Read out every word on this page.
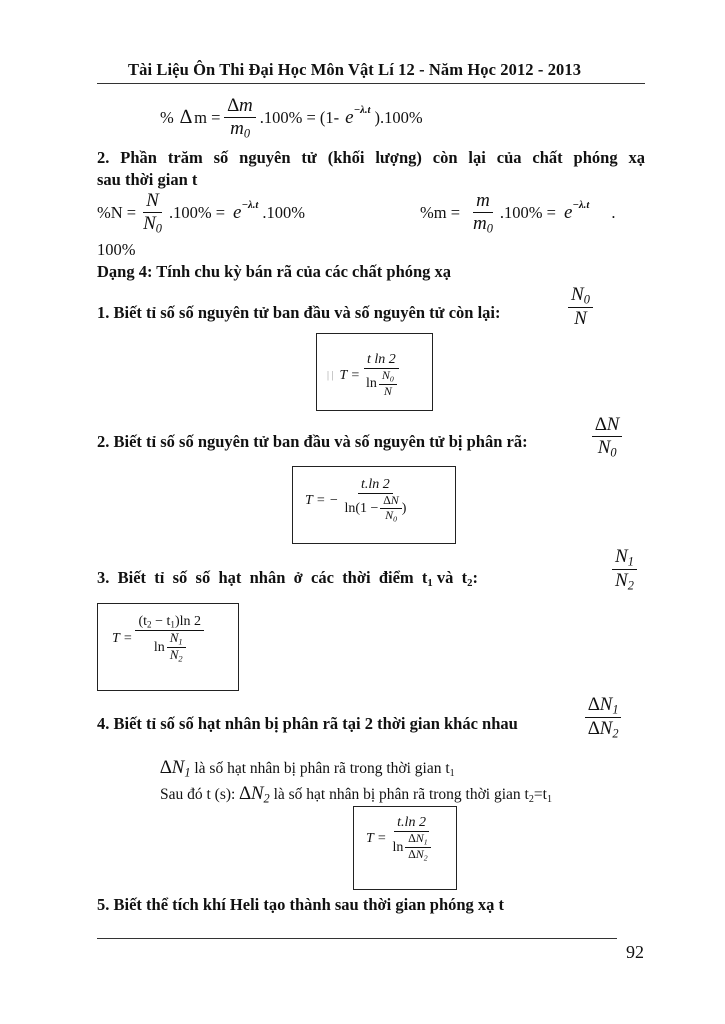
Tài Liệu Ôn Thi Đại Học Môn Vật Lí 12 - Năm Học 2012 - 2013
% ∆ $m = \frac{\Delta m}{m_0} .100\% = (1-$ $e^{-\lambda.t}$ ).100%
2. Phần trăm số nguyên tử (khối lượng) còn lại của chất phóng xạ
sau thời gian t
$\%N = \frac{N}{N_0} .100\% = e^{-\lambda.t}$ .100%	$\%m = \frac{m}{m_0} .100\% = e^{-\lambda.t}$ .
100%
Dạng 4: Tính chu kỳ bán rã của các chất phóng xạ
1. Biết tỉ số số nguyên tử ban đầu và số nguyên tử còn lại:	$\frac{N_0}{N}$
| | $T = \frac{\text{t ln 2}}{\ln \frac{N_0}{N}}$
2. Biết tỉ số số nguyên tử ban đầu và số nguyên tử bị phân rã:	$\frac{\Delta N}{N_0}$
T = − $\frac{t.\ln 2}{\ln(1 - \frac{\Delta N}{N_0} )}$
3.  Biết  tỉ  số  số  hạt  nhân  ở  các  thời  điểm  $t_1$ và  $t_2$:	$\frac{N_1}{N_2}$
$T = \frac{(t_2 - t_1)\ln 2}{\ln \frac{N_1}{N_2}}$
4. Biết tỉ số số hạt nhân bị phân rã tại 2 thời gian khác nhau	$\frac{\Delta N_1}{\Delta N_2}$
$\Delta N_1$ là số hạt nhân bị phân rã trong thời gian $t_1$
Sau đó t (s): $\Delta N_2$ là số hạt nhân bị phân rã trong thời gian $t_2=t_1$
$T = \frac{t.\ln 2}{\ln \frac{\Delta N_1}{\Delta N_2}}$
5. Biết thể tích khí Heli tạo thành sau thời gian phóng xạ t
92
